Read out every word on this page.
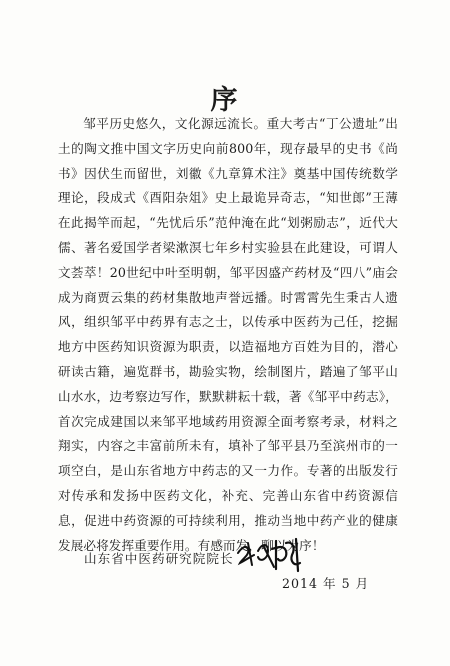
序
邹平历史悠久，文化源远流长。重大考古“丁公遗址”出土的陶文推中国文字历史向前800年，现存最早的史书《尚书》因伏生而留世，刘徽《九章算术注》奠基中国传统数学理论，段成式《酉阳杂俎》史上最诡异奇志，“知世郎”王薄在此揭竿而起，“先忧后乐”范仲淹在此“划粥励志”，近代大儒、著名爱国学者梁漱溟七年乡村实验县在此建设，可谓人文荟萃！20世纪中叶至明朝，邹平因盛产药材及“四八”庙会成为商贾云集的药材集散地声誉远播。时霄霄先生秉古人遗风，组织邹平中药界有志之士，以传承中医药为己任，挖掘地方中医药知识资源为职责，以造福地方百姓为目的，潜心研读古籍，遍览群书，勘验实物，绘制图片，踏遍了邹平山山水水，边考察边写作，默默耕耘十载，著《邹平中药志》，首次完成建国以来邹平地域药用资源全面考察考录，材料之翔实，内容之丰富前所未有，填补了邹平县乃至滨州市的一项空白，是山东省地方中药志的又一力作。专著的出版发行对传承和发扬中医药文化，补充、完善山东省中药资源信息，促进中药资源的可持续利用，推动当地中药产业的健康发展必将发挥重要作用。有感而发，聊以为序！
山东省中医药研究院院长
2014 年 5 月
